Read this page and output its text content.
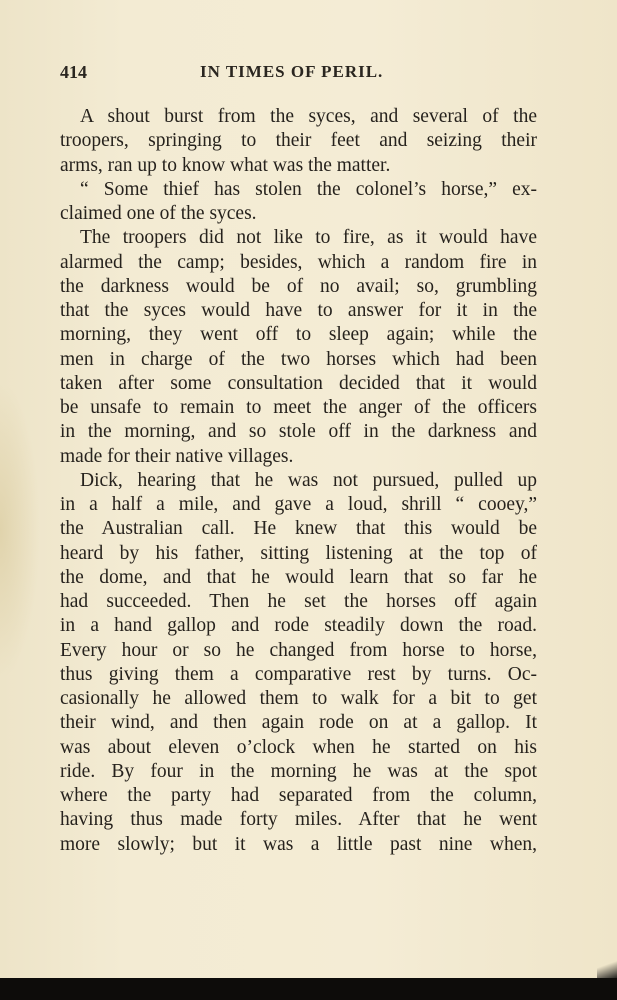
414	IN TIMES OF PERIL.
A shout burst from the syces, and several of the
troopers, springing to their feet and seizing their
arms, ran up to know what was the matter.
“ Some thief has stolen the colonel’s horse,” ex-
claimed one of the syces.
The troopers did not like to fire, as it would have
alarmed the camp; besides, which a random fire in
the darkness would be of no avail; so, grumbling
that the syces would have to answer for it in the
morning, they went off to sleep again; while the
men in charge of the two horses which had been
taken after some consultation decided that it would
be unsafe to remain to meet the anger of the officers
in the morning, and so stole off in the darkness and
made for their native villages.
Dick, hearing that he was not pursued, pulled up
in a half a mile, and gave a loud, shrill “ cooey,”
the Australian call. He knew that this would be
heard by his father, sitting listening at the top of
the dome, and that he would learn that so far he
had succeeded. Then he set the horses off again
in a hand gallop and rode steadily down the road.
Every hour or so he changed from horse to horse,
thus giving them a comparative rest by turns. Oc-
casionally he allowed them to walk for a bit to get
their wind, and then again rode on at a gallop. It
was about eleven o’clock when he started on his
ride. By four in the morning he was at the spot
where the party had separated from the column,
having thus made forty miles. After that he went
more slowly; but it was a little past nine when,
